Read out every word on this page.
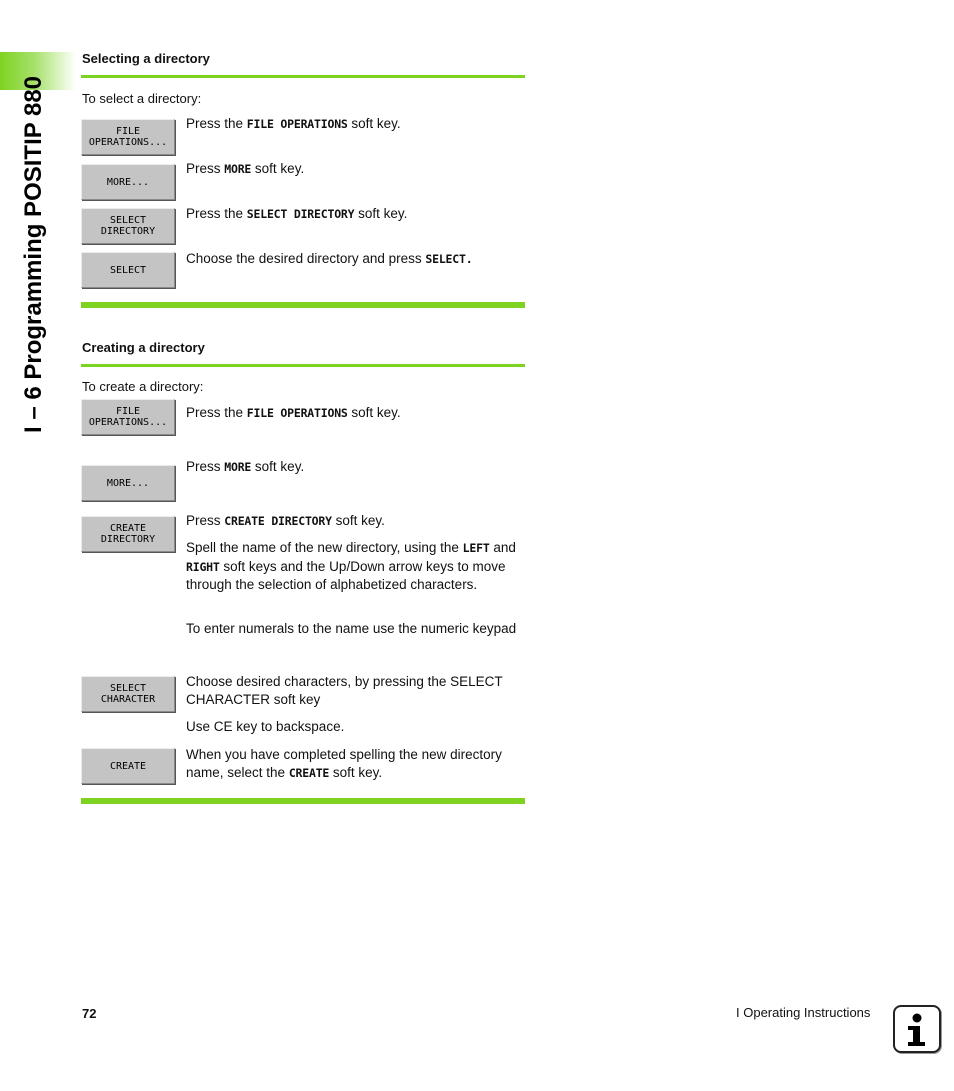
I – 6 Programming POSITIP 880
Selecting a directory
To select a directory:
FILE
OPERATIONS...
Press the FILE OPERATIONS soft key.
MORE...
Press MORE soft key.
SELECT
DIRECTORY
Press the SELECT DIRECTORY soft key.
SELECT
Choose the desired directory and press SELECT.
Creating a directory
To create a directory:
FILE
OPERATIONS...
Press the FILE OPERATIONS soft key.
MORE...
Press MORE soft key.
CREATE
DIRECTORY
Press CREATE DIRECTORY soft key.
Spell the name of the new directory, using the LEFT and RIGHT soft keys and the Up/Down arrow keys to move through the selection of alphabetized characters.
To enter numerals to the name use the numeric keypad
SELECT
CHARACTER
Choose desired characters, by pressing the SELECT CHARACTER soft key
Use CE key to backspace.
CREATE
When you have completed spelling the new directory name, select the CREATE soft key.
72	I Operating Instructions
